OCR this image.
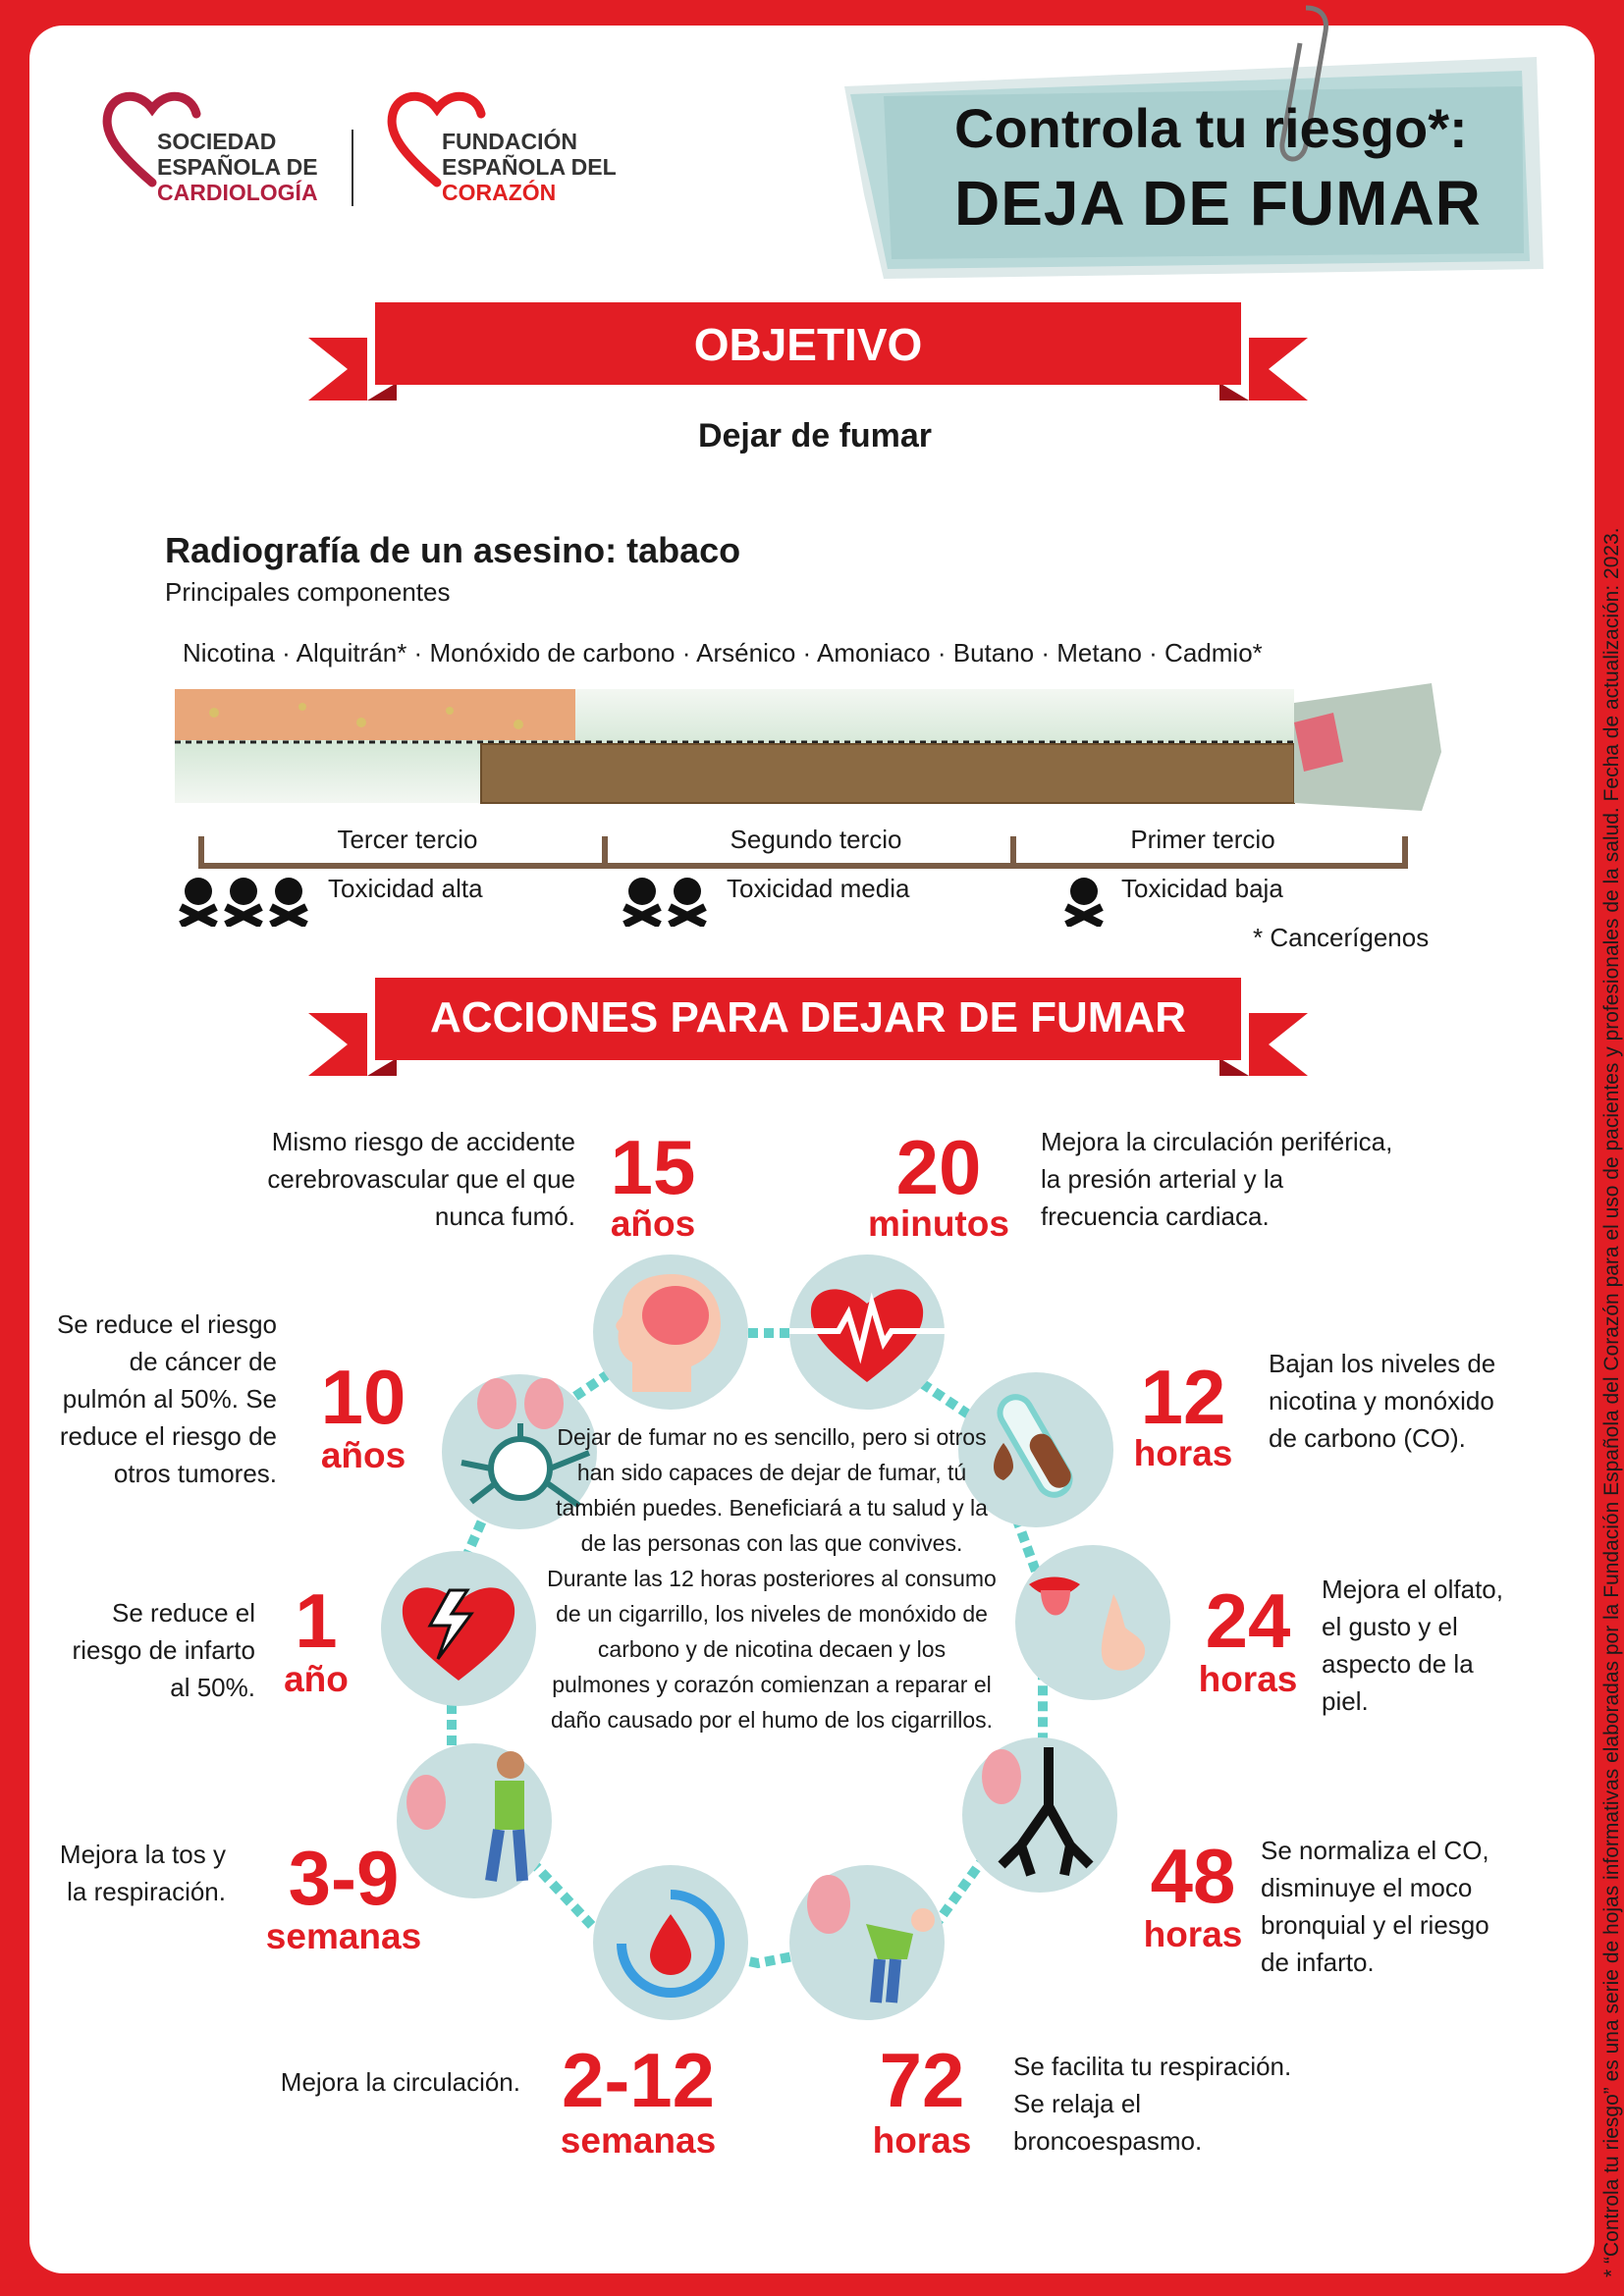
SOCIEDAD
ESPAÑOLA DE
CARDIOLOGÍA
FUNDACIÓN
ESPAÑOLA DEL
CORAZÓN
Controla tu riesgo*:
DEJA DE FUMAR
OBJETIVO
Dejar de fumar
Radiografía de un asesino: tabaco
Principales componentes
Nicotina · Alquitrán* · Monóxido de carbono · Arsénico · Amoniaco · Butano · Metano · Cadmio*
Tercer tercio	Segundo tercio	Primer tercio
Toxicidad alta	Toxicidad media	Toxicidad baja
* Cancerígenos
ACCIONES PARA DEJAR DE FUMAR
Dejar de fumar no es sencillo, pero si otros han sido capaces de dejar de fumar, tú también puedes. Beneficiará a tu salud y la de las personas con las que convives. Durante las 12 horas posteriores al consumo de un cigarrillo, los niveles de monóxido de carbono y de nicotina decaen y los pulmones y corazón comienzan a reparar el daño causado por el humo de los cigarrillos.
15
años
Mismo riesgo de accidente cerebrovascular que el que nunca fumó.
20
minutos
Mejora la circulación periférica, la presión arterial y la frecuencia cardiaca.
12
horas
Bajan los niveles de nicotina y monóxido de carbono (CO).
24
horas
Mejora el olfato, el gusto y el aspecto de la piel.
48
horas
Se normaliza el CO, disminuye el moco bronquial y el riesgo de infarto.
72
horas
Se facilita tu respiración. Se relaja el broncoespasmo.
2-12
semanas
Mejora la circulación.
3-9
semanas
Mejora la tos y la respiración.
1
año
Se reduce el riesgo de infarto al 50%.
10
años
Se reduce el riesgo de cáncer de pulmón al 50%. Se reduce el riesgo de otros tumores.	* “Controla tu riesgo” es una serie de hojas informativas elaboradas por la Fundación Española del Corazón para el uso de pacientes y profesionales de la salud. Fecha de actualización: 2023.
